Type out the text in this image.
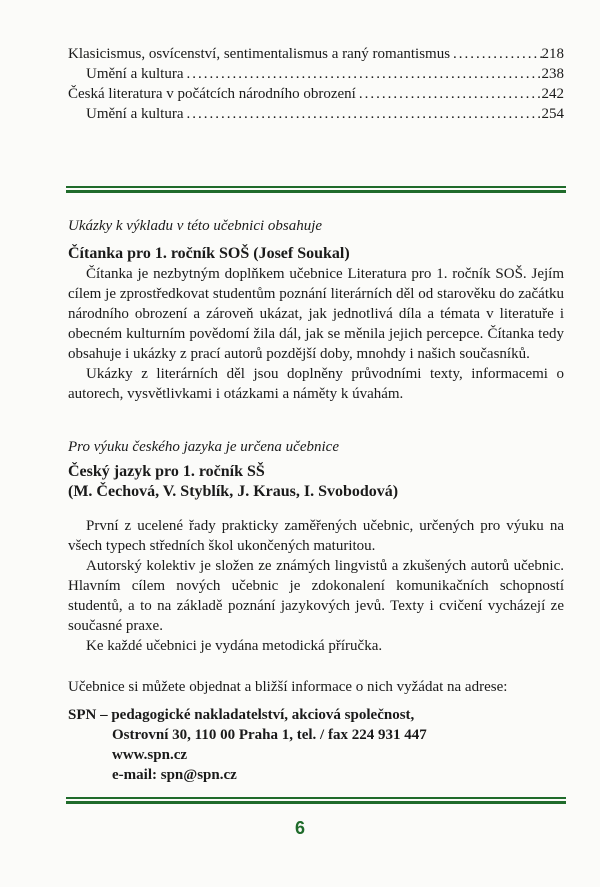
Klasicismus, osvícenství, sentimentalismus a raný romantismus .....	218
Umění a kultura .....	238
Česká literatura v počátcích národního obrození .....	242
Umění a kultura .....	254
Ukázky k výkladu v této učebnici obsahuje

Čítanka pro 1. ročník SOŠ (Josef Soukal)

Čítanka je nezbytným doplňkem učebnice Literatura pro 1. ročník SOŠ. Jejím cílem je zprostředkovat studentům poznání literárních děl od starověku do začátku národního obrození a zároveň ukázat, jak jednotlivá díla a témata v literatuře i obecném kulturním povědomí žila dál, jak se měnila jejich percepce. Čítanka tedy obsahuje i ukázky z prací autorů pozdější doby, mnohdy i našich současníků.

Ukázky z literárních děl jsou doplněny průvodními texty, informacemi o autorech, vysvětlivkami i otázkami a náměty k úvahám.

Pro výuku českého jazyka je určena učebnice

Český jazyk pro 1. ročník SŠ

(M. Čechová, V. Styblík, J. Kraus, I. Svobodová)

První z ucelené řady prakticky zaměřených učebnic, určených pro výuku na všech typech středních škol ukončených maturitou.

Autorský kolektiv je složen ze známých lingvistů a zkušených autorů učebnic. Hlavním cílem nových učebnic je zdokonalení komunikačních schopností studentů, a to na základě poznání jazykových jevů. Texty i cvičení vycházejí ze současné praxe.

Ke každé učebnici je vydána metodická příručka.

Učebnice si můžete objednat a bližší informace o nich vyžádat na adrese:

SPN – pedagogické nakladatelství, akciová společnost,
Ostrovní 30, 110 00 Praha 1, tel. / fax 224 931 447
www.spn.cz
e-mail: spn@spn.cz
6
